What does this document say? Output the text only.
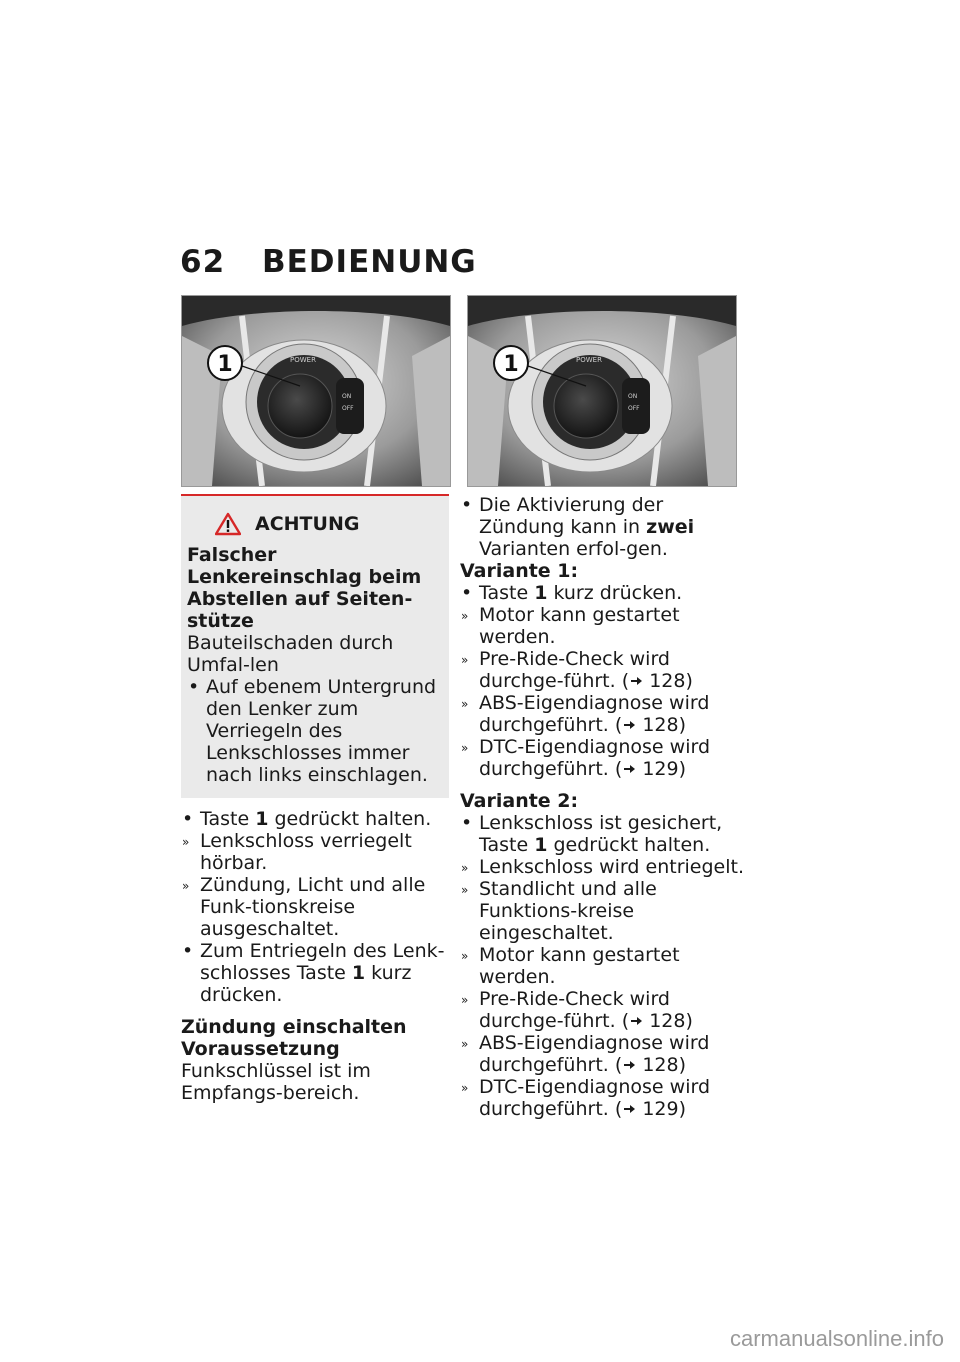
62 BEDIENUNG
POWER
ON
OFF
1	POWER
ON
OFF
1
ACHTUNG

Falscher Lenkereinschlag beim Abstellen auf Seiten-stütze

Bauteilschaden durch Umfal-len

• Auf ebenem Untergrund den Lenker zum Verriegeln des Lenkschlosses immer nach links einschlagen.
• Taste 1 gedrückt halten.
» Lenkschloss verriegelt hörbar.
» Zündung, Licht und alle Funk-tionskreise ausgeschaltet.
• Zum Entriegeln des Lenk-schlosses Taste 1 kurz drücken.

Zündung einschalten

Voraussetzung

Funkschlüssel ist im Empfangs-bereich.

• Die Aktivierung der Zündung kann in zwei Varianten erfol-gen.

Variante 1:

• Taste 1 kurz drücken.
» Motor kann gestartet werden.
» Pre-Ride-Check wird durchge-führt. ( 128)
» ABS-Eigendiagnose wird durchgeführt. ( 128)
» DTC-Eigendiagnose wird durchgeführt. ( 129)

Variante 2:

• Lenkschloss ist gesichert, Taste 1 gedrückt halten.
» Lenkschloss wird entriegelt.
» Standlicht und alle Funktions-kreise eingeschaltet.
» Motor kann gestartet werden.
» Pre-Ride-Check wird durchge-führt. ( 128)
» ABS-Eigendiagnose wird durchgeführt. ( 128)
» DTC-Eigendiagnose wird durchgeführt. ( 129)
carmanualsonline.info
